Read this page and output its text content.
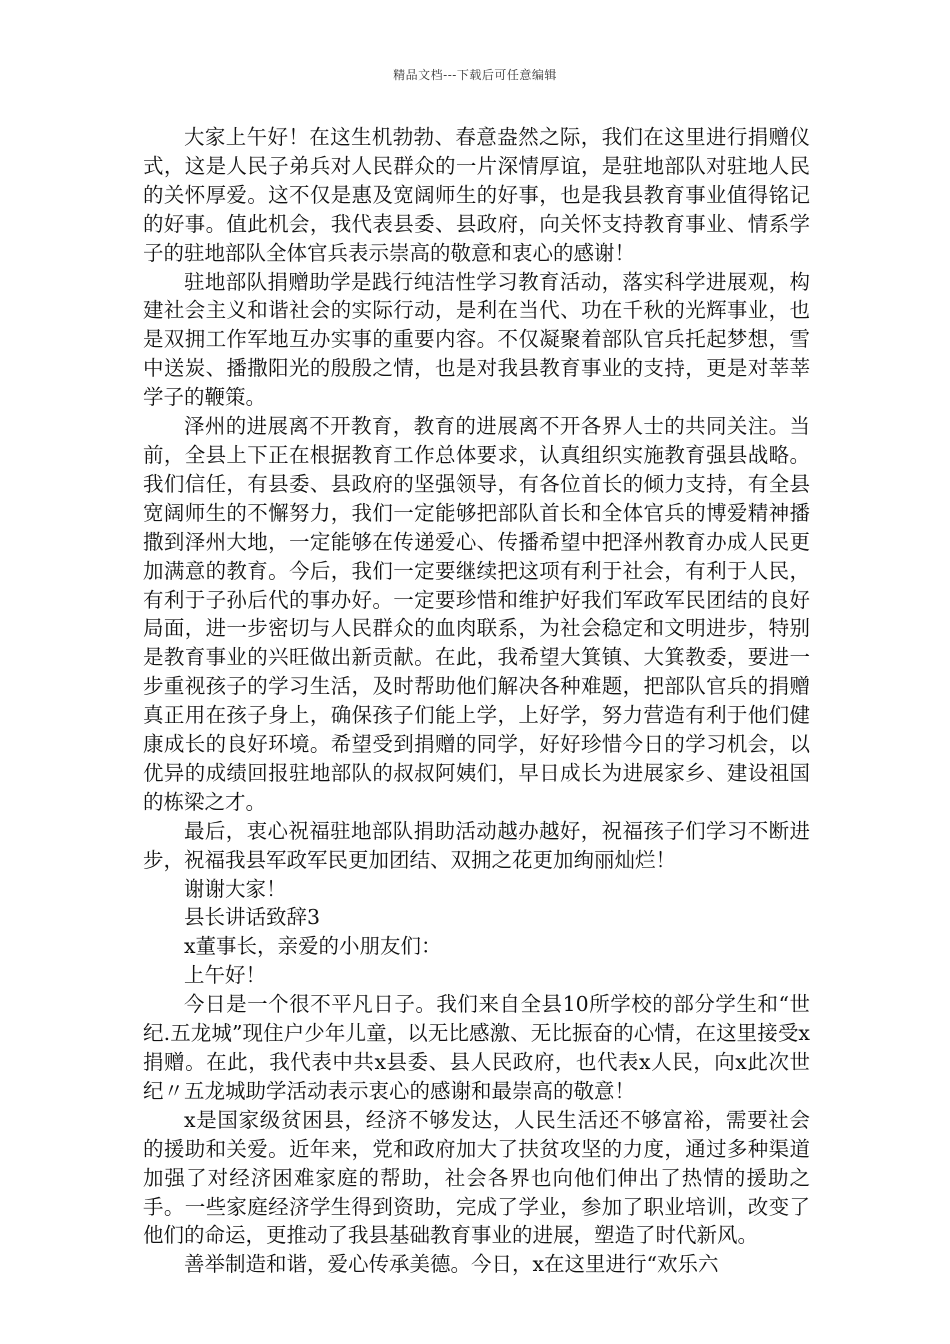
精品文档---下载后可任意编辑

大家上午好！在这生机勃勃、春意盎然之际，我们在这里进行捐赠仪式，这是人民子弟兵对人民群众的一片深情厚谊，是驻地部队对驻地人民的关怀厚爱。这不仅是惠及宽阔师生的好事，也是我县教育事业值得铭记的好事。值此机会，我代表县委、县政府，向关怀支持教育事业、情系学子的驻地部队全体官兵表示崇高的敬意和衷心的感谢！

驻地部队捐赠助学是践行纯洁性学习教育活动，落实科学进展观，构建社会主义和谐社会的实际行动，是利在当代、功在千秋的光辉事业，也是双拥工作军地互办实事的重要内容。不仅凝聚着部队官兵托起梦想，雪中送炭、播撒阳光的殷殷之情，也是对我县教育事业的支持，更是对莘莘学子的鞭策。

泽州的进展离不开教育，教育的进展离不开各界人士的共同关注。当前，全县上下正在根据教育工作总体要求，认真组织实施教育强县战略。我们信任，有县委、县政府的坚强领导，有各位首长的倾力支持，有全县宽阔师生的不懈努力，我们一定能够把部队首长和全体官兵的博爱精神播撒到泽州大地，一定能够在传递爱心、传播希望中把泽州教育办成人民更加满意的教育。今后，我们一定要继续把这项有利于社会，有利于人民，有利于子孙后代的事办好。一定要珍惜和维护好我们军政军民团结的良好局面，进一步密切与人民群众的血肉联系，为社会稳定和文明进步，特别是教育事业的兴旺做出新贡献。在此，我希望大箕镇、大箕教委，要进一步重视孩子的学习生活，及时帮助他们解决各种难题，把部队官兵的捐赠真正用在孩子身上，确保孩子们能上学，上好学，努力营造有利于他们健康成长的良好环境。希望受到捐赠的同学，好好珍惜今日的学习机会，以优异的成绩回报驻地部队的叔叔阿姨们，早日成长为进展家乡、建设祖国的栋梁之才。

最后，衷心祝福驻地部队捐助活动越办越好，祝福孩子们学习不断进步，祝福我县军政军民更加团结、双拥之花更加绚丽灿烂！

谢谢大家！

县长讲话致辞3

x董事长，亲爱的小朋友们：

上午好！

今日是一个很不平凡日子。我们来自全县10所学校的部分学生和“世纪.五龙城”现住户少年儿童，以无比感激、无比振奋的心情，在这里接受x捐赠。在此，我代表中共x县委、县人民政府，也代表x人民，向x此次世纪〃五龙城助学活动表示衷心的感谢和最崇高的敬意！

x是国家级贫困县，经济不够发达，人民生活还不够富裕，需要社会的援助和关爱。近年来，党和政府加大了扶贫攻坚的力度，通过多种渠道加强了对经济困难家庭的帮助，社会各界也向他们伸出了热情的援助之手。一些家庭经济学生得到资助，完成了学业，参加了职业培训，改变了他们的命运，更推动了我县基础教育事业的进展，塑造了时代新风。

善举制造和谐，爱心传承美德。今日，x在这里进行“欢乐六
